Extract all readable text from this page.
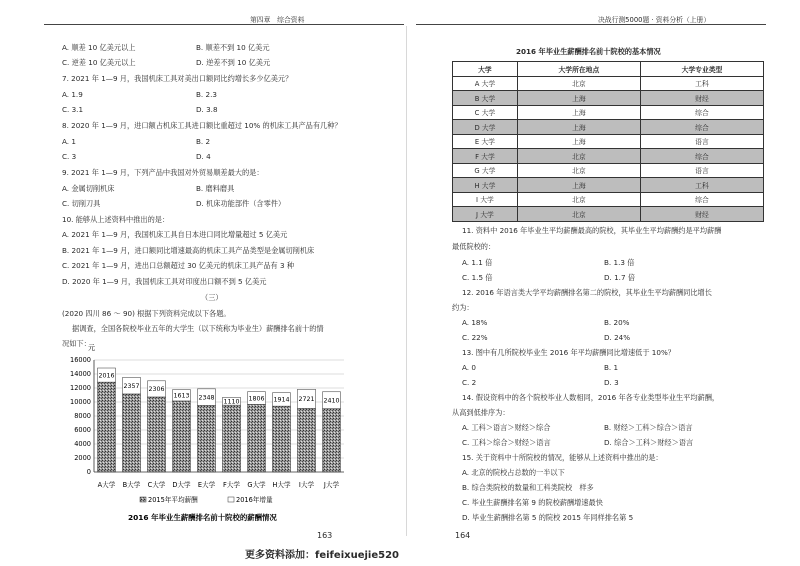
第四章　综合资料	决战行测5000题 · 资料分析（上册）
A. 顺差 10 亿美元以上	B. 顺差不到 10 亿美元
C. 逆差 10 亿美元以上	D. 逆差不到 10 亿美元
7. 2021 年 1—9 月，我国机床工具对美出口额同比约增长多少亿美元？
A. 1.9	B. 2.3
C. 3.1	D. 3.8
8. 2020 年 1—9 月，进口额占机床工具进口额比重超过 10% 的机床工具产品有几种？
A. 1	B. 2
C. 3	D. 4
9. 2021 年 1—9 月，下列产品中我国对外贸易顺差最大的是：
A. 金属切削机床	B. 磨料磨具
C. 切削刀具	D. 机床功能部件（含零件）
10. 能够从上述资料中推出的是：
A. 2021 年 1—9 月，我国机床工具自日本进口同比增量超过 5 亿美元
B. 2021 年 1—9 月，进口额同比增速最高的机床工具产品类型是金属切削机床
C. 2021 年 1—9 月，进出口总额超过 30 亿美元的机床工具产品有 3 种
D. 2020 年 1—9 月，我国机床工具对印度出口额不到 5 亿美元
（三）
(2020 四川 86 ～ 90) 根据下列资料完成以下各题。
据调查，全国各院校毕业五年的大学生（以下统称为毕业生）薪酬排名前十的情
况如下：
元
0
2000
4000
6000
8000
10000
12000
14000
16000
2016
2357 2306
1613 2348
1110 1806 1914 2721 2410
A大学 B大学 C大学 D大学 E大学 F大学 G大学 H大学 I大学 J大学
2015年平均薪酬	2016年增量
2016 年毕业生薪酬排名前十院校的薪酬情况
163
2016 年毕业生薪酬排名前十院校的基本情况
大学	大学所在地点	大学专业类型
A 大学	北京	工科
B 大学	上海	财经
C 大学	上海	综合
D 大学	上海	综合
E 大学	上海	语言
F 大学	北京	综合
G 大学	北京	语言
H 大学	上海	工科
I 大学	北京	综合
J 大学	北京	财经
11. 资料中 2016 年毕业生平均薪酬最高的院校，其毕业生平均薪酬约是平均薪酬
最低院校的：
A. 1.1 倍	B. 1.3 倍
C. 1.5 倍	D. 1.7 倍
12. 2016 年语言类大学平均薪酬排名第二的院校，其毕业生平均薪酬同比增长
约为：
A. 18%	B. 20%
C. 22%	D. 24%
13. 图中有几所院校毕业生 2016 年平均薪酬同比增速低于 10%？
A. 0	B. 1
C. 2	D. 3
14. 假设资料中的各个院校毕业人数相同，2016 年各专业类型毕业生平均薪酬，
从高到低排序为：
A. 工科＞语言＞财经＞综合	B. 财经＞工科＞综合＞语言
C. 工科＞综合＞财经＞语言	D. 综合＞工科＞财经＞语言
15. 关于资料中十所院校的情况，能够从上述资料中推出的是：
A. 北京的院校占总数的一半以下
B. 综合类院校的数量和工科类院校　样多
C. 毕业生薪酬排名第 9 的院校薪酬增速最快
D. 毕业生薪酬排名第 5 的院校 2015 年同样排名第 5
164
更多资料添加：feifeixuejie520
